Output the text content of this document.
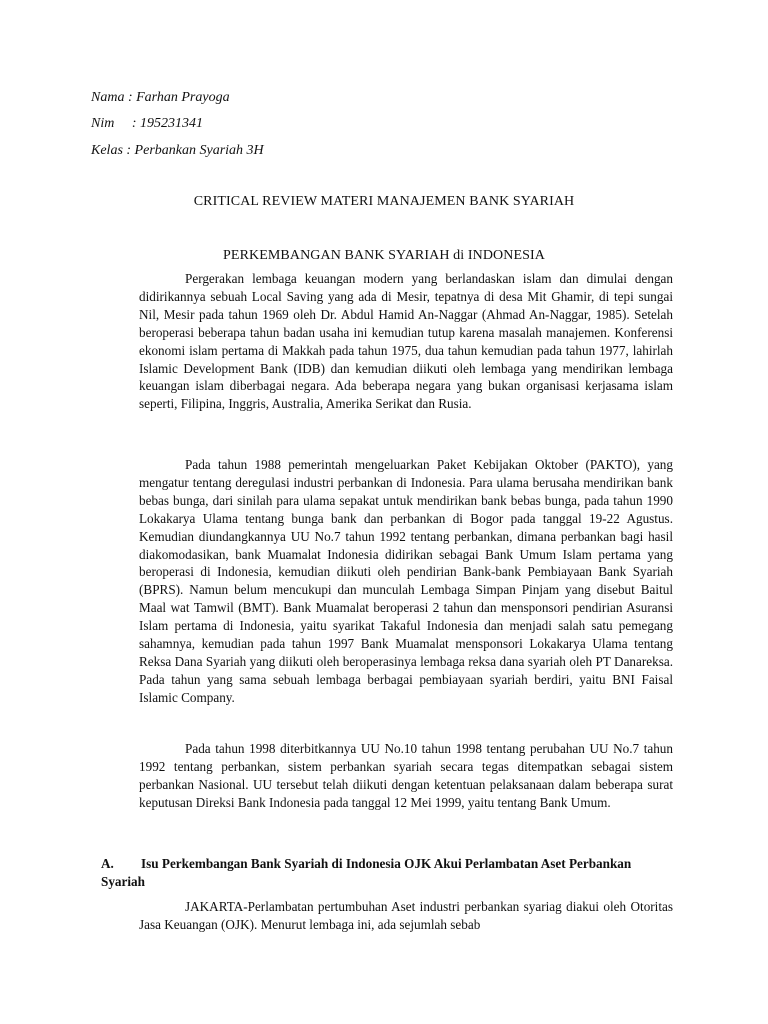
Nama : Farhan Prayoga
Nim     : 195231341
Kelas : Perbankan Syariah 3H
CRITICAL REVIEW MATERI MANAJEMEN BANK SYARIAH
PERKEMBANGAN BANK SYARIAH di INDONESIA

Pergerakan lembaga keuangan modern yang berlandaskan islam dan dimulai dengan didirikannya sebuah Local Saving yang ada di Mesir, tepatnya di desa Mit Ghamir, di tepi sungai Nil, Mesir pada tahun 1969 oleh Dr. Abdul Hamid An-Naggar (Ahmad An-Naggar, 1985). Setelah beroperasi beberapa tahun badan usaha ini kemudian tutup karena masalah manajemen. Konferensi ekonomi islam pertama di Makkah pada tahun 1975, dua tahun kemudian pada tahun 1977, lahirlah Islamic Development Bank (IDB) dan kemudian diikuti oleh lembaga yang mendirikan lembaga keuangan islam diberbagai negara. Ada beberapa negara yang bukan organisasi kerjasama islam seperti, Filipina, Inggris, Australia, Amerika Serikat dan Rusia.

Pada tahun 1988 pemerintah mengeluarkan Paket Kebijakan Oktober (PAKTO), yang mengatur tentang deregulasi industri perbankan di Indonesia. Para ulama berusaha mendirikan bank bebas bunga, dari sinilah para ulama sepakat untuk mendirikan bank bebas bunga, pada tahun 1990 Lokakarya Ulama tentang bunga bank dan perbankan di Bogor pada tanggal 19-22 Agustus. Kemudian diundangkannya UU No.7 tahun 1992 tentang perbankan, dimana perbankan bagi hasil diakomodasikan, bank Muamalat Indonesia didirikan sebagai Bank Umum Islam pertama yang beroperasi di Indonesia, kemudian diikuti oleh pendirian Bank-bank Pembiayaan Bank Syariah (BPRS). Namun belum mencukupi dan munculah Lembaga Simpan Pinjam yang disebut Baitul Maal wat Tamwil (BMT). Bank Muamalat beroperasi 2 tahun dan mensponsori pendirian Asuransi Islam pertama di Indonesia, yaitu syarikat Takaful Indonesia dan menjadi salah satu pemegang sahamnya, kemudian pada tahun 1997 Bank Muamalat mensponsori Lokakarya Ulama tentang Reksa Dana Syariah yang diikuti oleh beroperasinya lembaga reksa dana syariah oleh PT Danareksa. Pada tahun yang sama sebuah lembaga berbagai pembiayaan syariah berdiri, yaitu BNI Faisal Islamic Company.

Pada tahun 1998 diterbitkannya UU No.10 tahun 1998 tentang perubahan UU No.7 tahun 1992 tentang perbankan, sistem perbankan syariah secara tegas ditempatkan sebagai sistem perbankan Nasional. UU tersebut telah diikuti dengan ketentuan pelaksanaan dalam beberapa surat keputusan Direksi Bank Indonesia pada tanggal 12 Mei 1999, yaitu tentang Bank Umum.

A. Isu Perkembangan Bank Syariah di Indonesia OJK Akui Perlambatan Aset Perbankan Syariah

JAKARTA-Perlambatan pertumbuhan Aset industri perbankan syariag diakui oleh Otoritas Jasa Keuangan (OJK). Menurut lembaga ini, ada sejumlah sebab
